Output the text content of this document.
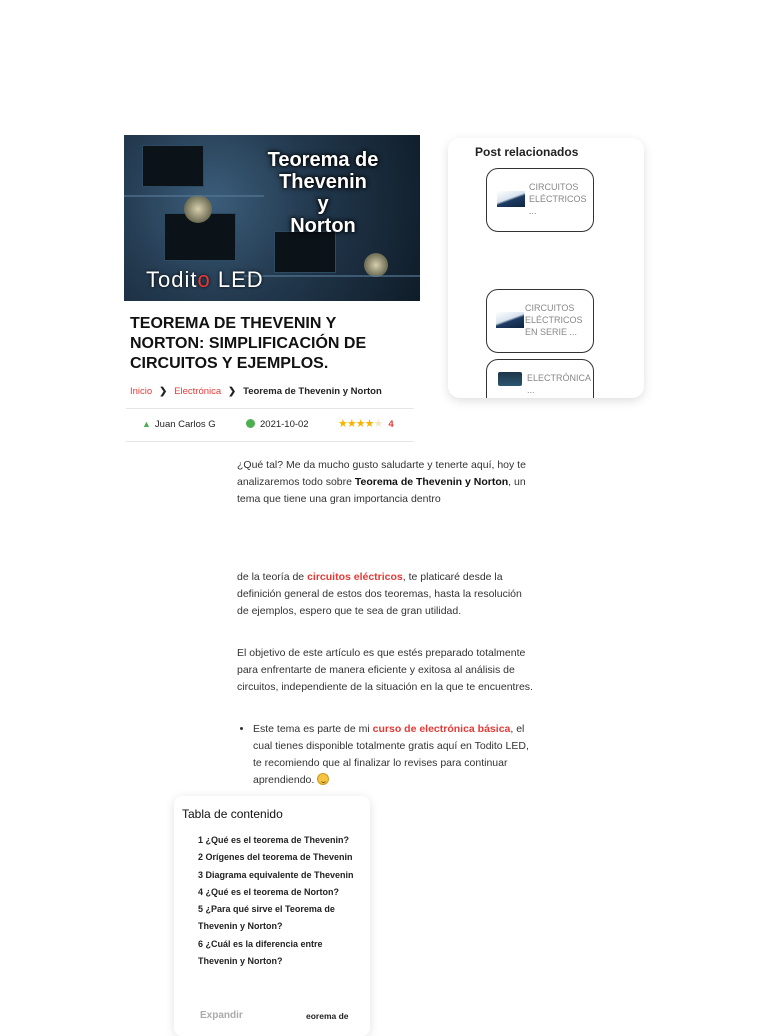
Teorema de
Thevenin
y
Norton
Todito LED
Post relacionados
CIRCUITOS ELÉCTRICOS ...
CIRCUITOS ELÉCTRICOS EN SERIE ...
ELECTRÓNICA ...
TEOREMA DE THEVENIN Y NORTON: SIMPLIFICACIÓN DE CIRCUITOS Y EJEMPLOS.
Inicio ❯ Electrónica ❯ Teorema de Thevenin y Norton
▲ Juan Carlos G	2021-10-02	★★★★★ 4

¿Qué tal? Me da mucho gusto saludarte y tenerte aquí, hoy te analizaremos todo sobre Teorema de Thevenin y Norton, un tema que tiene una gran importancia dentro

de la teoría de circuitos eléctricos, te platicaré desde la definición general de estos dos teoremas, hasta la resolución de ejemplos, espero que te sea de gran utilidad.

El objetivo de este artículo es que estés preparado totalmente para enfrentarte de manera eficiente y exitosa al análisis de circuitos, independiente de la situación en la que te encuentres.

• Este tema es parte de mi curso de electrónica básica, el cual tienes disponible totalmente gratis aquí en Todito LED, te recomiendo que al finalizar lo revises para continuar aprendiendo.
Tabla de contenido
1 ¿Qué es el teorema de Thevenin?
2 Orígenes del teorema de Thevenin
3 Diagrama equivalente de Thevenin
4 ¿Qué es el teorema de Norton?
5 ¿Para qué sirve el Teorema de Thevenin y Norton?
6 ¿Cuál es la diferencia entre Thevenin y Norton?
Expandir	eorema de
